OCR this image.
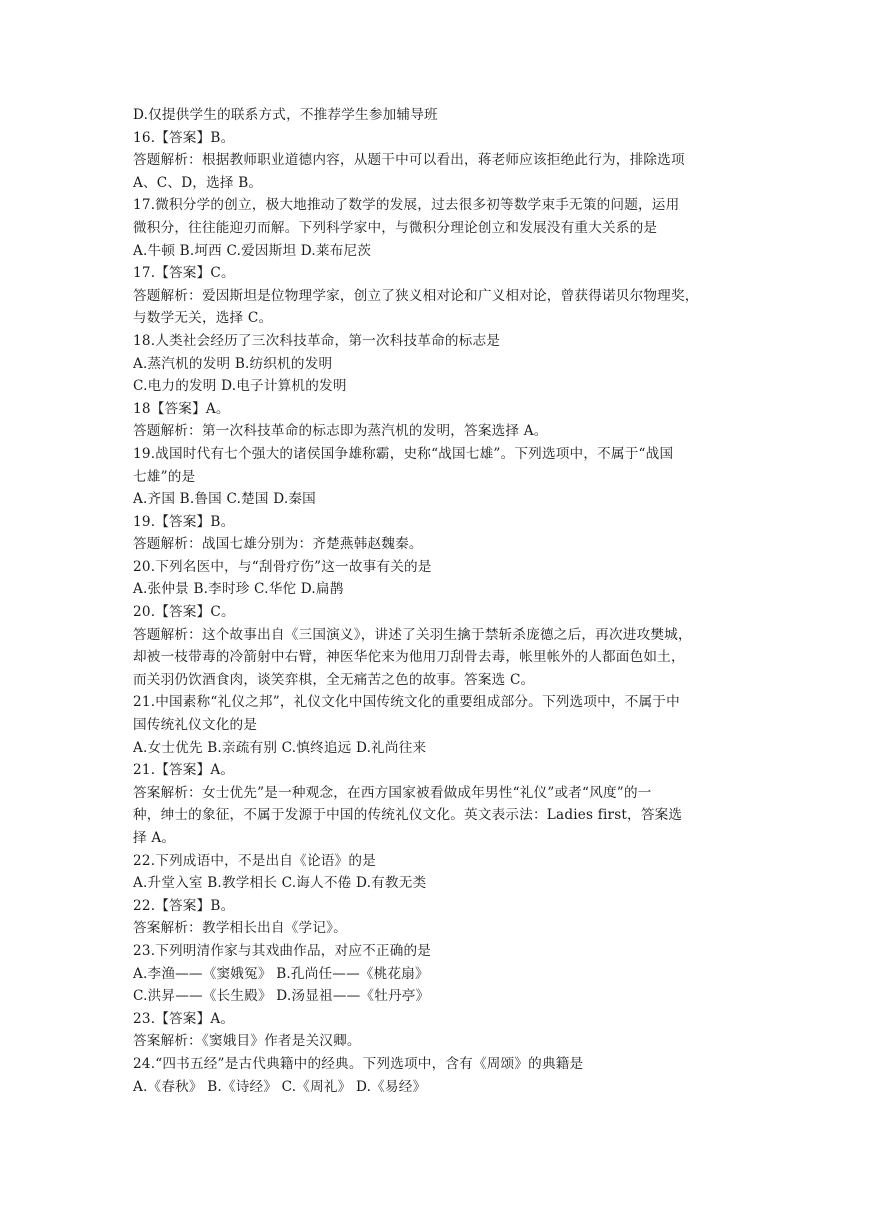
D.仅提供学生的联系方式，不推荐学生参加辅导班
16.【答案】B。
答题解析：根据教师职业道德内容，从题干中可以看出，蒋老师应该拒绝此行为，排除选项
A、C、D，选择 B。
17.微积分学的创立，极大地推动了数学的发展，过去很多初等数学束手无策的问题，运用
微积分，往往能迎刃而解。下列科学家中，与微积分理论创立和发展没有重大关系的是
A.牛顿 B.坷西 C.爱因斯坦 D.莱布尼茨
17.【答案】C。
答题解析：爱因斯坦是位物理学家，创立了狭义相对论和广义相对论，曾获得诺贝尔物理奖，
与数学无关，选择 C。
18.人类社会经历了三次科技革命，第一次科技革命的标志是
A.蒸汽机的发明 B.纺织机的发明
C.电力的发明 D.电子计算机的发明
18【答案】A。
答题解析：第一次科技革命的标志即为蒸汽机的发明，答案选择 A。
19.战国时代有七个强大的诸侯国争雄称霸，史称“战国七雄”。下列选项中，不属于“战国
七雄”的是
A.齐国 B.鲁国 C.楚国 D.秦国
19.【答案】B。
答题解析：战国七雄分别为：齐楚燕韩赵魏秦。
20.下列名医中，与“刮骨疗伤”这一故事有关的是
A.张仲景 B.李时珍 C.华佗 D.扁鹊
20.【答案】C。
答题解析：这个故事出自《三国演义》，讲述了关羽生擒于禁斩杀庞德之后，再次进攻樊城，
却被一枝带毒的冷箭射中右臂，神医华佗来为他用刀刮骨去毒，帐里帐外的人都面色如土，
而关羽仍饮酒食肉，谈笑弈棋，全无痛苦之色的故事。答案选 C。
21.中国素称“礼仪之邦”，礼仪文化中国传统文化的重要组成部分。下列选项中，不属于中
国传统礼仪文化的是
A.女士优先 B.亲疏有别 C.慎终追远 D.礼尚往来
21.【答案】A。
答案解析：女士优先”是一种观念，在西方国家被看做成年男性“礼仪”或者“风度”的一
种，绅士的象征，不属于发源于中国的传统礼仪文化。英文表示法：Ladies first，答案选
择 A。
22.下列成语中，不是出自《论语》的是
A.升堂入室 B.教学相长 C.诲人不倦 D.有教无类
22.【答案】B。
答案解析：教学相长出自《学记》。
23.下列明清作家与其戏曲作品，对应不正确的是
A.李渔——《窦娥冤》 B.孔尚任——《桃花扇》
C.洪昇——《长生殿》 D.汤显祖——《牡丹亭》
23.【答案】A。
答案解析：《窦娥目》作者是关汉卿。
24.“四书五经”是古代典籍中的经典。下列选项中，含有《周颂》的典籍是
A.《春秋》 B.《诗经》 C.《周礼》 D.《易经》
